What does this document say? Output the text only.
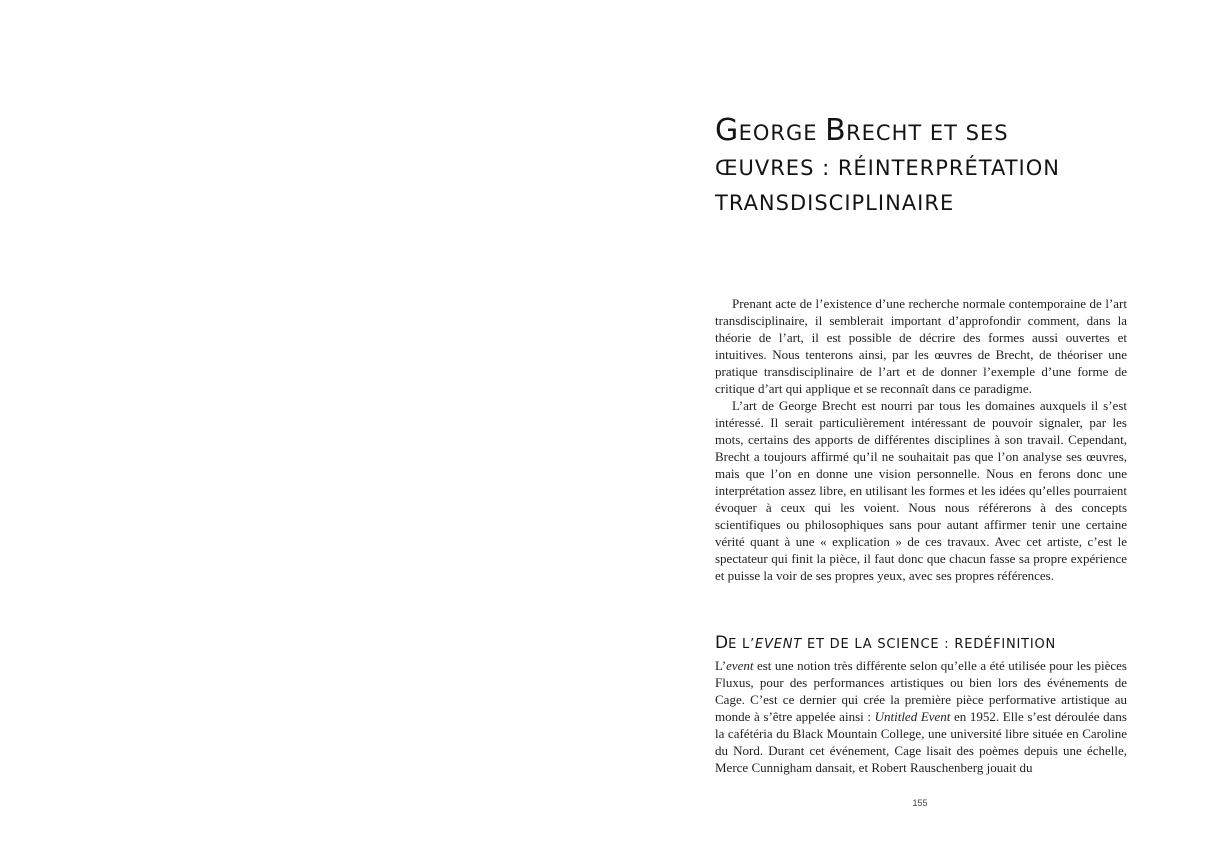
GEORGE BRECHT ET SES
ŒUVRES : RÉINTERPRÉTATION
TRANSDISCIPLINAIRE

Prenant acte de l’existence d’une recherche normale contemporaine de l’art transdisciplinaire, il semblerait important d’approfondir comment, dans la théorie de l’art, il est possible de décrire des formes aussi ouvertes et intuitives. Nous tenterons ainsi, par les œuvres de Brecht, de théoriser une pratique transdisciplinaire de l’art et de donner l’exemple d’une forme de critique d’art qui applique et se reconnaît dans ce paradigme.

L’art de George Brecht est nourri par tous les domaines auxquels il s’est intéressé. Il serait particulièrement intéressant de pouvoir signaler, par les mots, certains des apports de différentes disciplines à son travail. Cependant, Brecht a toujours affirmé qu’il ne souhaitait pas que l’on analyse ses œuvres, mais que l’on en donne une vision personnelle. Nous en ferons donc une interprétation assez libre, en utilisant les formes et les idées qu’elles pourraient évoquer à ceux qui les voient. Nous nous référerons à des concepts scientifiques ou philosophiques sans pour autant affirmer tenir une certaine vérité quant à une « explication » de ces travaux. Avec cet artiste, c’est le spectateur qui finit la pièce, il faut donc que chacun fasse sa propre expérience et puisse la voir de ses propres yeux, avec ses propres références.

DE L’EVENT ET DE LA SCIENCE : REDÉFINITION

L’event est une notion très différente selon qu’elle a été utilisée pour les pièces Fluxus, pour des performances artistiques ou bien lors des événements de Cage. C’est ce dernier qui crée la première pièce performative artistique au monde à s’être appelée ainsi : Untitled Event en 1952. Elle s’est déroulée dans la cafétéria du Black Mountain College, une université libre située en Caroline du Nord. Durant cet événement, Cage lisait des poèmes depuis une échelle, Merce Cunnigham dansait, et Robert Rauschenberg jouait du

155
